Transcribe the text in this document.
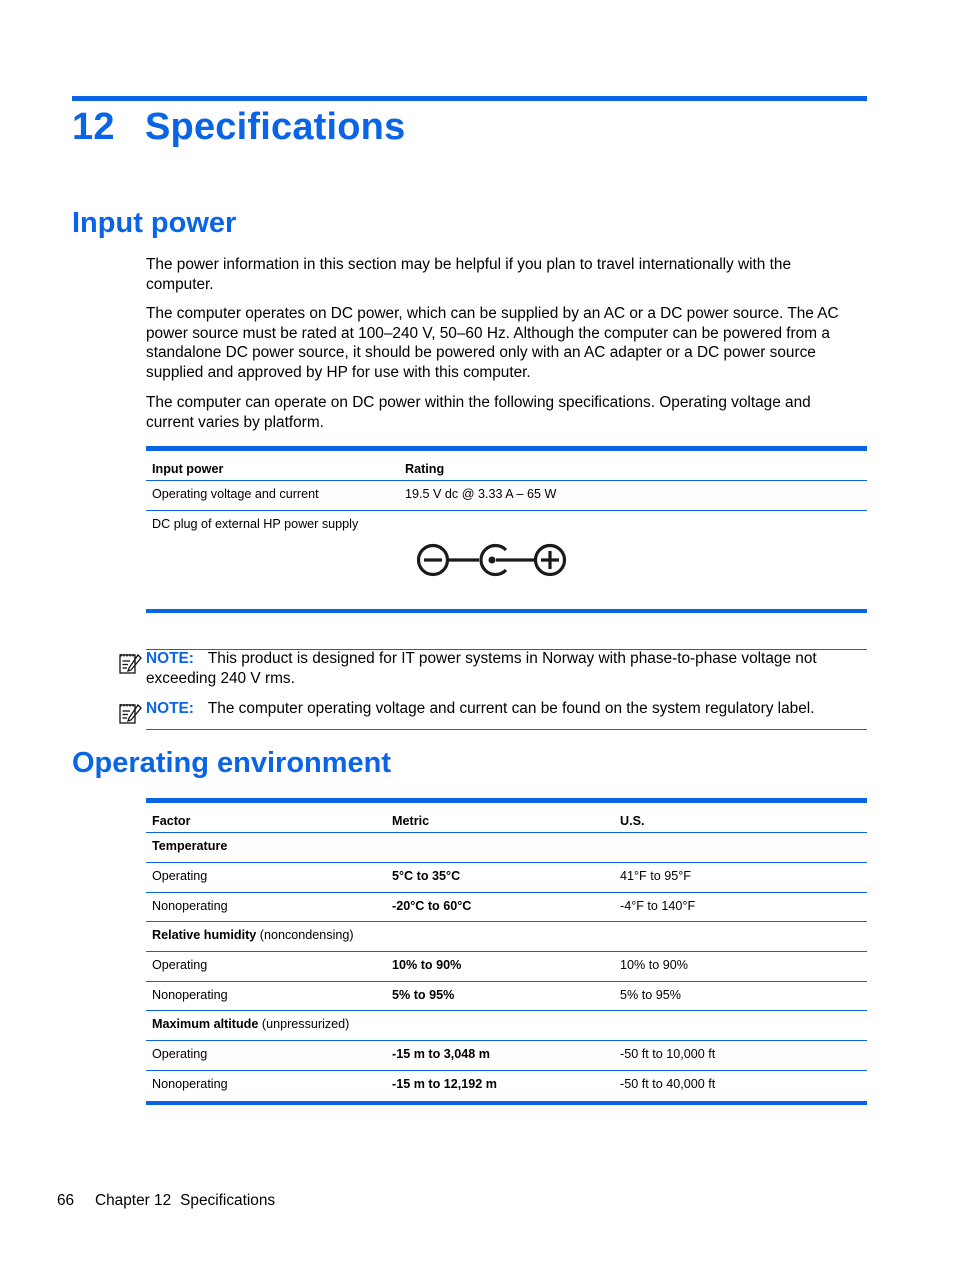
12 Specifications
Input power

The power information in this section may be helpful if you plan to travel internationally with the computer.

The computer operates on DC power, which can be supplied by an AC or a DC power source. The AC power source must be rated at 100–240 V, 50–60 Hz. Although the computer can be powered from a standalone DC power source, it should be powered only with an AC adapter or a DC power source supplied and approved by HP for use with this computer.

The computer can operate on DC power within the following specifications. Operating voltage and current varies by platform.

Input power	Rating
Operating voltage and current	19.5 V dc @ 3.33 A – 65 W
DC plug of external HP power supply

NOTE: This product is designed for IT power systems in Norway with phase-to-phase voltage not exceeding 240 V rms.

NOTE: The computer operating voltage and current can be found on the system regulatory label.

Operating environment
Factor	Metric	U.S.
Temperature
Operating	5°C to 35°C	41°F to 95°F
Nonoperating	-20°C to 60°C	-4°F to 140°F
Relative humidity (noncondensing)
Operating	10% to 90%	10% to 90%
Nonoperating	5% to 95%	5% to 95%
Maximum altitude (unpressurized)
Operating	-15 m to 3,048 m	-50 ft to 10,000 ft
Nonoperating	-15 m to 12,192 m	-50 ft to 40,000 ft
66 Chapter 12 Specifications
